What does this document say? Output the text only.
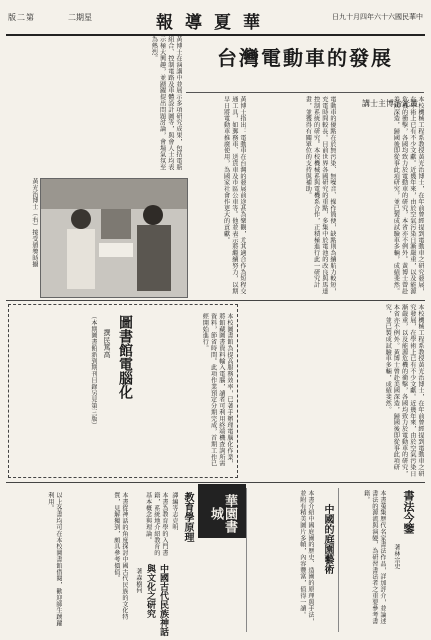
版二第	二期星	報導夏華	日九十月四年六十六國民華中
台灣電動車的發展
講士主博治光黃 本校機械工程系教授黃光治博士，在年前曾經提到電動車之研究發展，在學術上已有不少文獻。近幾年來，由於空氣污染日漸嚴重，以及能源危機的衝擊，各國均致力於電動車的研究，本省亦不例外。黃博士曾赴美國深造，歸國後即從事此項研究，並已製成試驗車多輛，成績斐然。
電動車的優點在於無污染、無噪音、操作簡便，缺點則為續航力較短，充電時間較長。目前世界各國研究的重點，多集中於電池的改良與馬達控制系統的研究。本校機械系與電機系合作，正積極進行此一研究計畫，並獲得有關單位的支持與補助。
黃博士指出：電動車在台灣的發展前途甚為樂觀，尤其適合作為短程交通工具，如郵務車、送貨車及市區公車等。他並表示將繼續努力，以期早日將電動車推廣使用，為國家社會作更大的貢獻。
黃博士在演講中並展示多項研究成果，包括電瓶組合、控制電路及車體設計圖等，與會人士均表示極大興趣，並踴躍提出問題討論，會場氣氛至為熱烈。
黃光治博士（右）接受頒獎時攝
本校機械工程系教授黃光治博士，在年前曾經提到電動車之研究發展，在學術上已有不少文獻。近幾年來，由於空氣污染日漸嚴重，以及能源危機的衝擊，各國均致力於電動車的研究，本省亦不例外。黃博士曾赴美國深造，歸國後即從事此項研究，並已製成試驗車多輛，成績斐然。
圖書館電腦化
撰民篤高	本校圖書館為提高服務效率，已著手辦理電腦化作業，將館藏圖書資料輸入電腦，讀者可利用終端機查詢所需資料，節省時間。此項作業預定分期完成，首期工作已經開始進行。
（本期圖書館新到期刊目錄另見第三版）
書法今鑒
著林宗史
本書蒐集歷代名家書法作品，詳加評介，並論述書法的源流與演變，為研習書法者之重要參考書籍。
中國的庭園藝術
本書介紹中國庭園的歷史、造園的原理與手法，並附有精美圖片多幀，內容豐富，值得一讀。
華園書城
教育學原理
譯編等志克明
本書為教育學的入門書籍，系統地介紹教育的基本概念與理論。
中國古代民族神話與文化之研究
著森樹何
本書從神話的角度探討中國古代民族的文化特質，見解獨到，頗具參考價值。
以上各書均可在本校圖書館借閱，歡迎師生踴躍利用。
